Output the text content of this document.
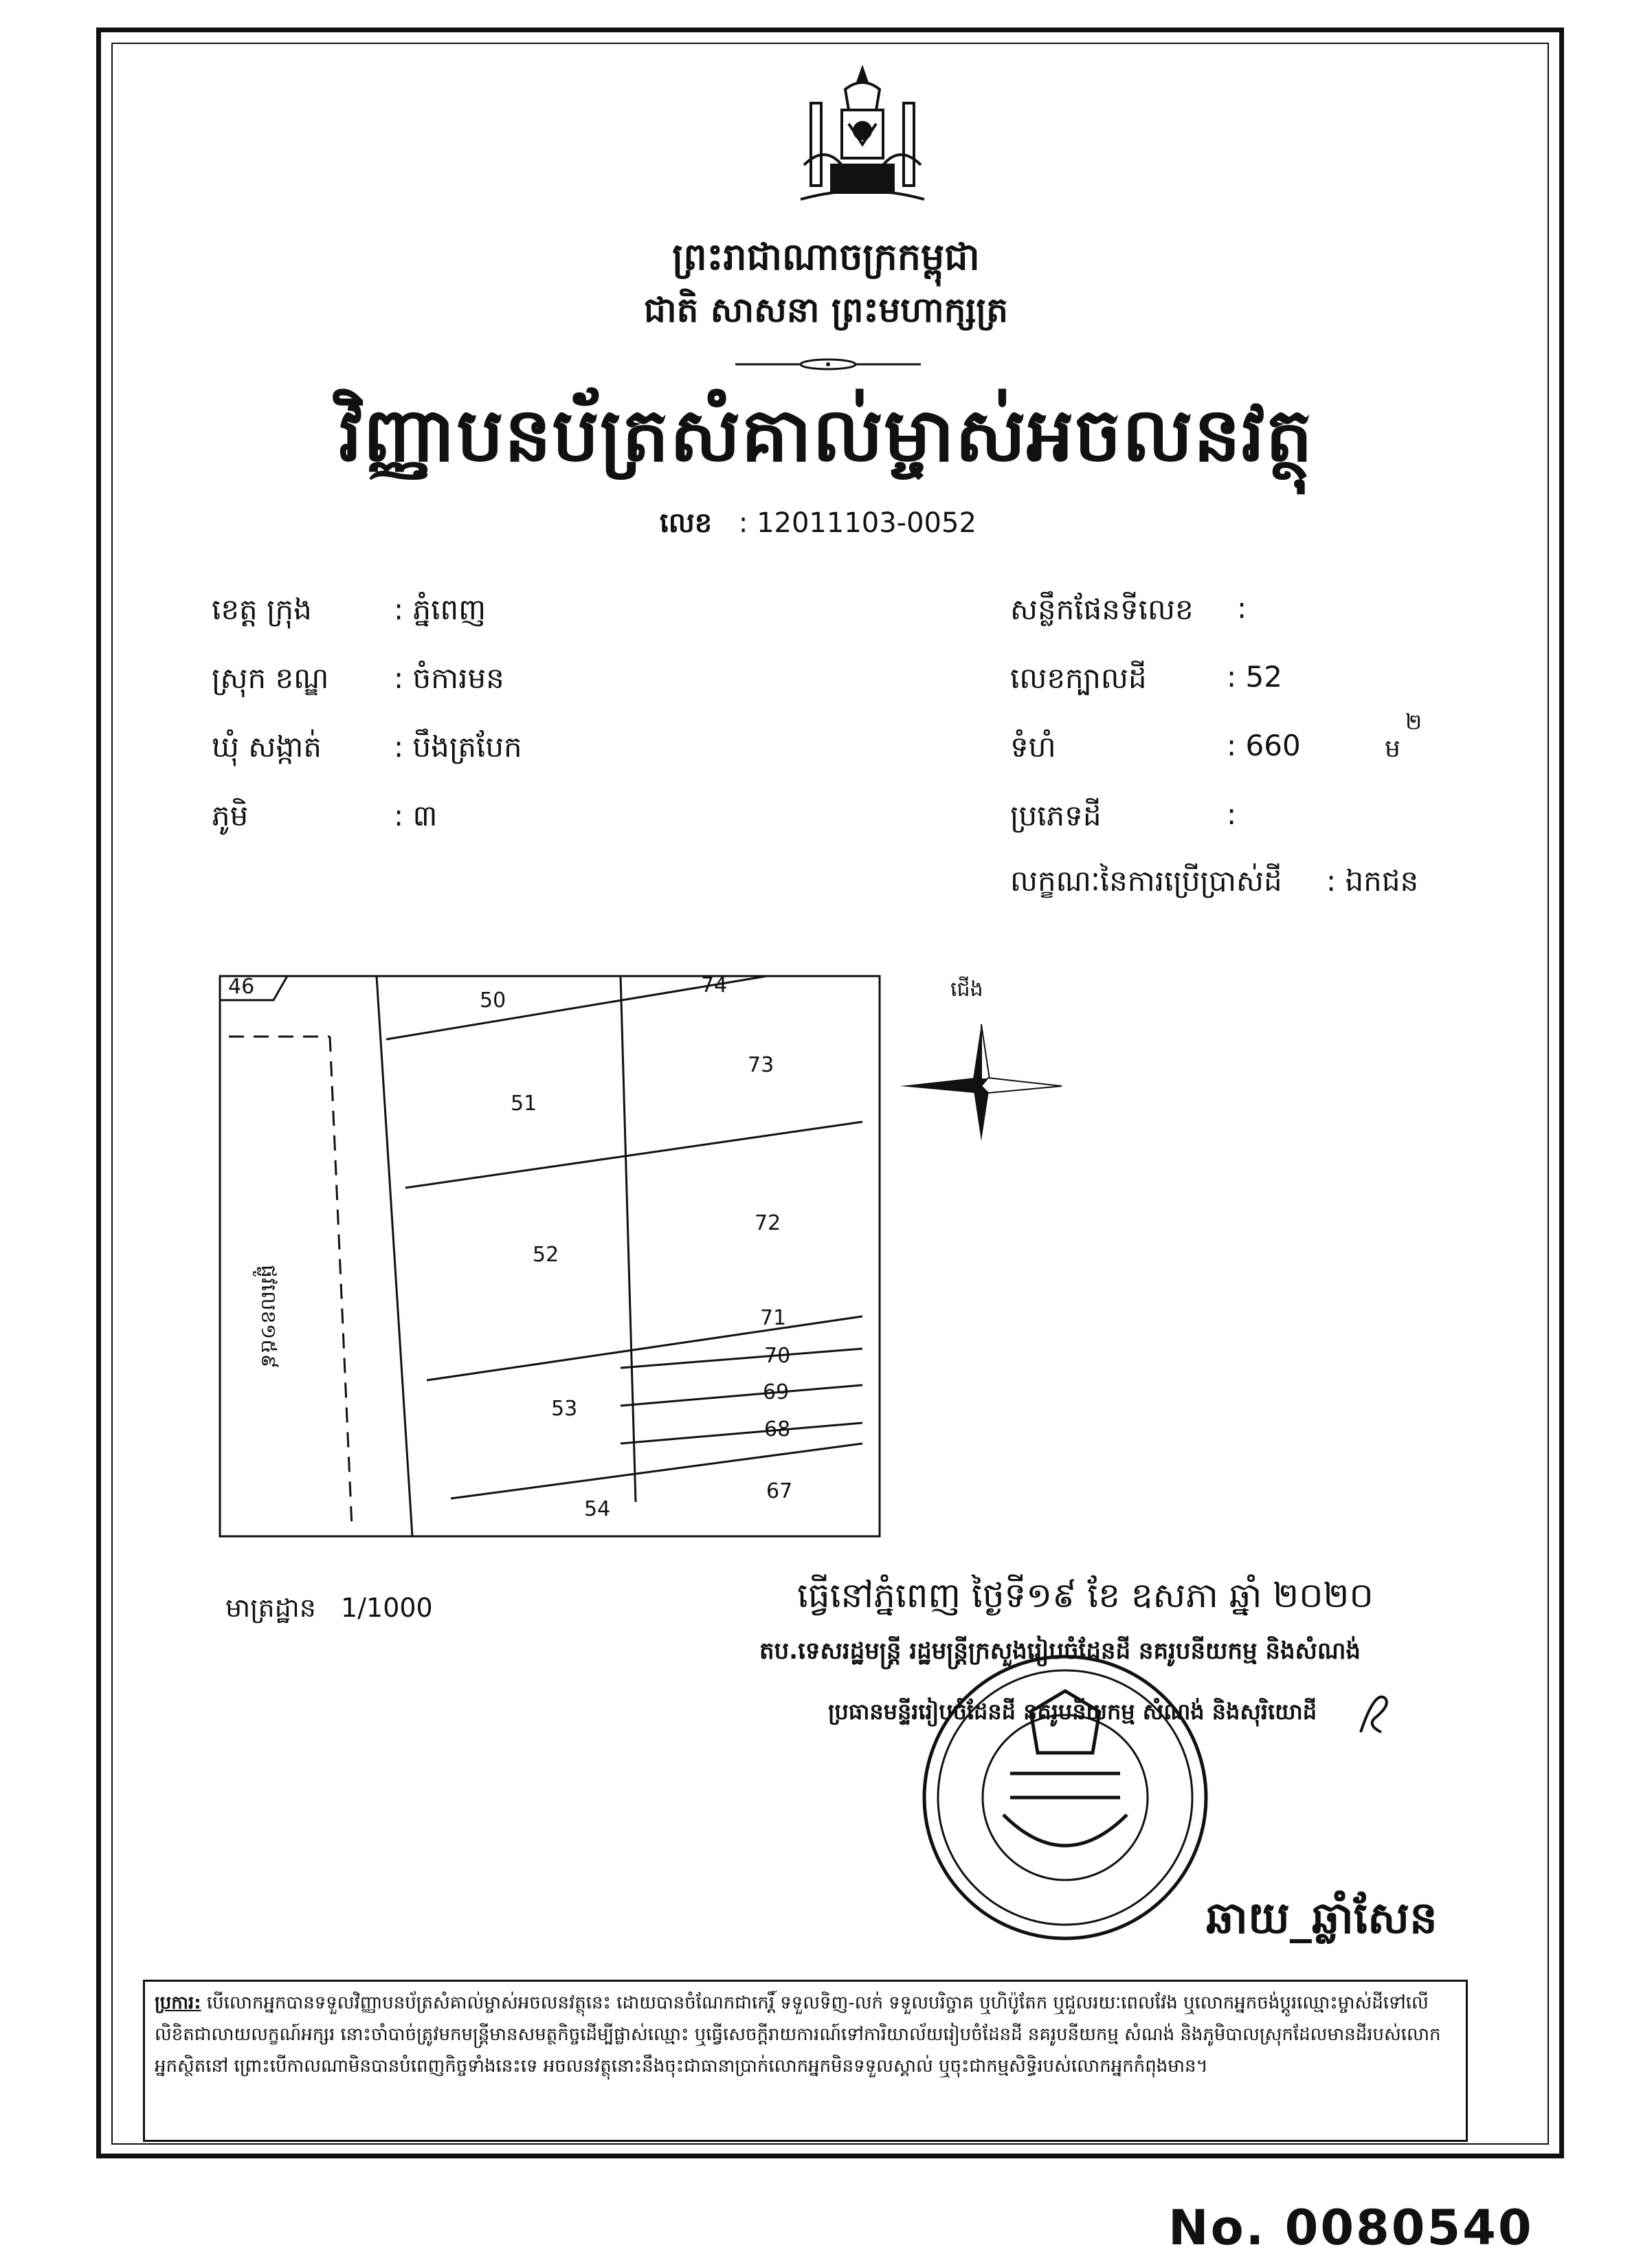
ព្រះរាជាណាចក្រកម្ពុជា
ជាតិ សាសនា ព្រះមហាក្សត្រ
វិញ្ញាបនប័ត្រសំគាល់ម្ចាស់អចលនវត្ថុ
លេខ : 12011103-0052
ខេត្ត ក្រុង	: ភ្នំពេញ
ស្រុក ខណ្ឌ : ចំការមន
ឃុំ សង្កាត់	: បឹងត្របែក
ភូមិ	: ៣
សន្លឹកផែនទីលេខ :
លេខក្បាលដី	: 52
ទំហំ	: 660	ម
២
ប្រភេទដី	:
លក្ខណៈនៃការប្រើប្រាស់ដី : ឯកជន
46
50
74
73
51
52
72
71
70
69
53
68
67
54
ផ្លូវលេខ១៥៩
ជើង
មាត្រដ្ឋាន 1/1000	ធ្វើនៅភ្នំពេញ ថ្ងៃទី១៩ ខែ ឧសភា ឆ្នាំ ២០២០
តប.ទេសរដ្ឋមន្ត្រី រដ្ឋមន្ត្រីក្រសួងរៀបចំដែនដី នគរូបនីយកម្ម និងសំណង់
ប្រធានមន្ទីររៀបចំដែនដី នគរូបនីយកម្ម សំណង់ និងសុរិយោដី
ឆាយ_ឆ្លាំសែន
ប្រការ: បើលោកអ្នកបានទទួលវិញ្ញាបនប័ត្រសំគាល់ម្ចាស់អចលនវត្ថុនេះ ដោយបានចំណែកជាកេរ្តិ៍ ទទួលទិញ-លក់ ទទួលបរិច្ចាគ ឬហិប៉ូតែក ឬជួលរយៈពេលវែង ឬលោកអ្នកចង់ប្តូរឈ្មោះម្ចាស់ដីទៅលើលិខិតជាលាយលក្ខណ៍អក្សរ នោះចាំបាច់ត្រូវមកមន្ត្រីមានសមត្ថកិច្ចដើម្បីផ្លាស់ឈ្មោះ ឬធ្វើសេចក្តីរាយការណ៍ទៅការិយាល័យរៀបចំដែនដី នគរូបនីយកម្ម សំណង់ និងភូមិបាលស្រុកដែលមានដីរបស់លោកអ្នកស្ថិតនៅ ព្រោះបើកាលណាមិនបានបំពេញកិច្ចទាំងនេះទេ អចលនវត្ថុនោះនឹងចុះជាធានាប្រាក់លោកអ្នកមិនទទួលស្គាល់ ឬចុះជាកម្មសិទ្ធិរបស់លោកអ្នកកំពុងមាន។
No. 0080540
